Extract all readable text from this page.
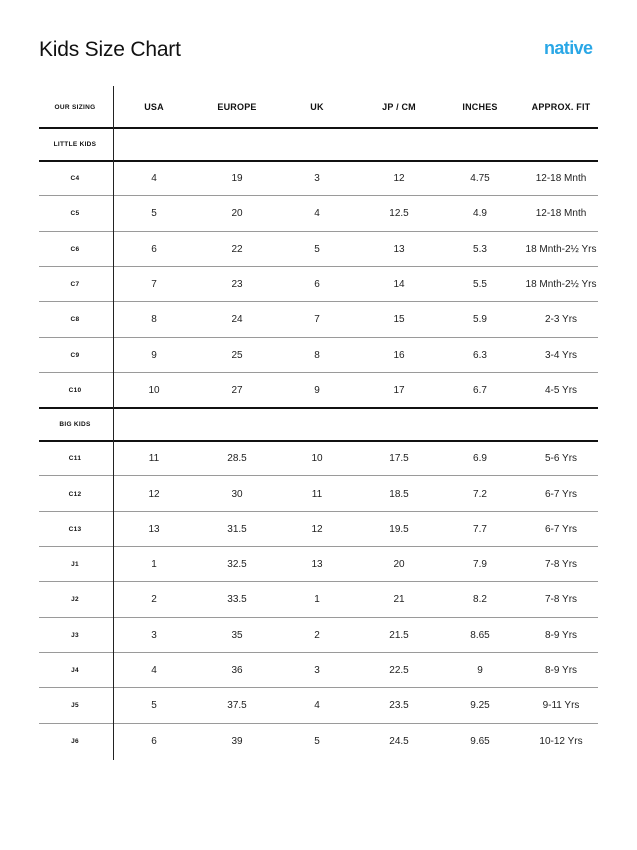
Kids Size Chart	native
OUR SIZING	USA	EUROPE	UK	JP / CM	INCHES	APPROX. FIT
LITTLE KIDS
C4	4	19	3	12	4.75	12-18 Mnth
C5	5	20	4	12.5	4.9	12-18 Mnth
C6	6	22	5	13	5.3	18 Mnth-2½ Yrs
C7	7	23	6	14	5.5	18 Mnth-2½ Yrs
C8	8	24	7	15	5.9	2-3 Yrs
C9	9	25	8	16	6.3	3-4 Yrs
C10	10	27	9	17	6.7	4-5 Yrs
BIG KIDS
C11	11	28.5	10	17.5	6.9	5-6 Yrs
C12	12	30	11	18.5	7.2	6-7 Yrs
C13	13	31.5	12	19.5	7.7	6-7 Yrs
J1	1	32.5	13	20	7.9	7-8 Yrs
J2	2	33.5	1	21	8.2	7-8 Yrs
J3	3	35	2	21.5	8.65	8-9 Yrs
J4	4	36	3	22.5	9	8-9 Yrs
J5	5	37.5	4	23.5	9.25	9-11 Yrs
J6	6	39	5	24.5	9.65	10-12 Yrs
